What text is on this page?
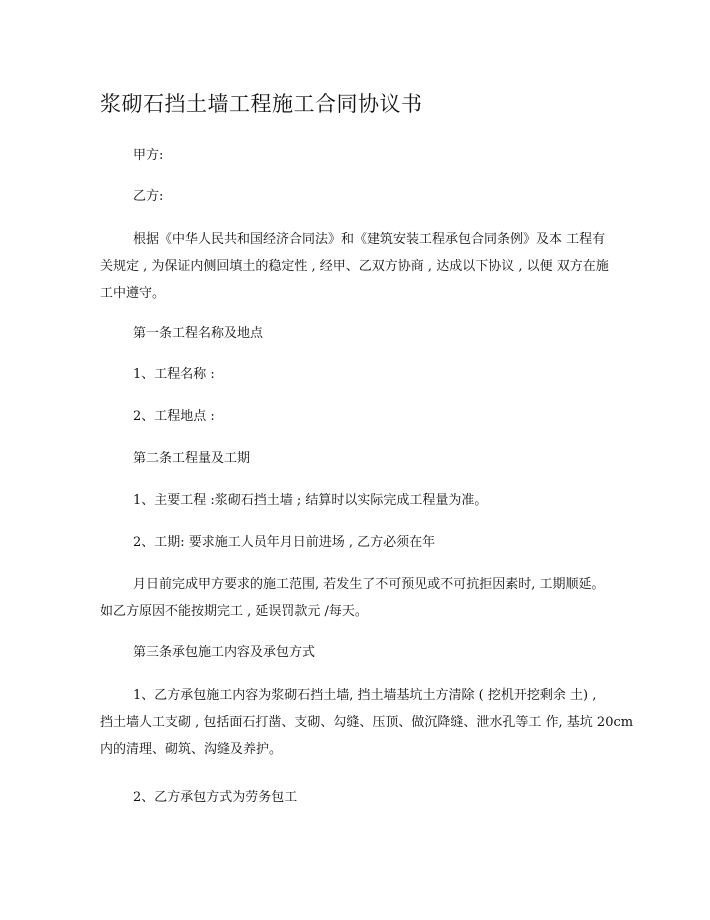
浆砌石挡土墙工程施工合同协议书
甲方:
乙方:
根据《中华人民共和国经济合同法》和《建筑安装工程承包合同条例》及本 工程有
关规定 , 为保证内侧回填土的稳定性 , 经甲、乙双方协商 , 达成以下协议 , 以便 双方在施
工中遵守。
第一条工程名称及地点
1、工程名称 :
2、工程地点 :
第二条工程量及工期
1、主要工程 :浆砌石挡土墙 ; 结算时以实际完成工程量为准。
2、工期: 要求施工人员年月日前进场 , 乙方必须在年
月日前完成甲方要求的施工范围, 若发生了不可预见或不可抗拒因素时, 工期顺延。
如乙方原因不能按期完工 , 延误罚款元 /每天。
第三条承包施工内容及承包方式
1、乙方承包施工内容为浆砌石挡土墙, 挡土墙基坑土方清除 ( 挖机开挖剩余 土) ,
挡土墙人工支砌 , 包括面石打凿、支砌、勾缝、压顶、做沉降缝、泄水孔等工 作, 基坑 20cm
内的清理、砌筑、沟缝及养护。
2、乙方承包方式为劳务包工
